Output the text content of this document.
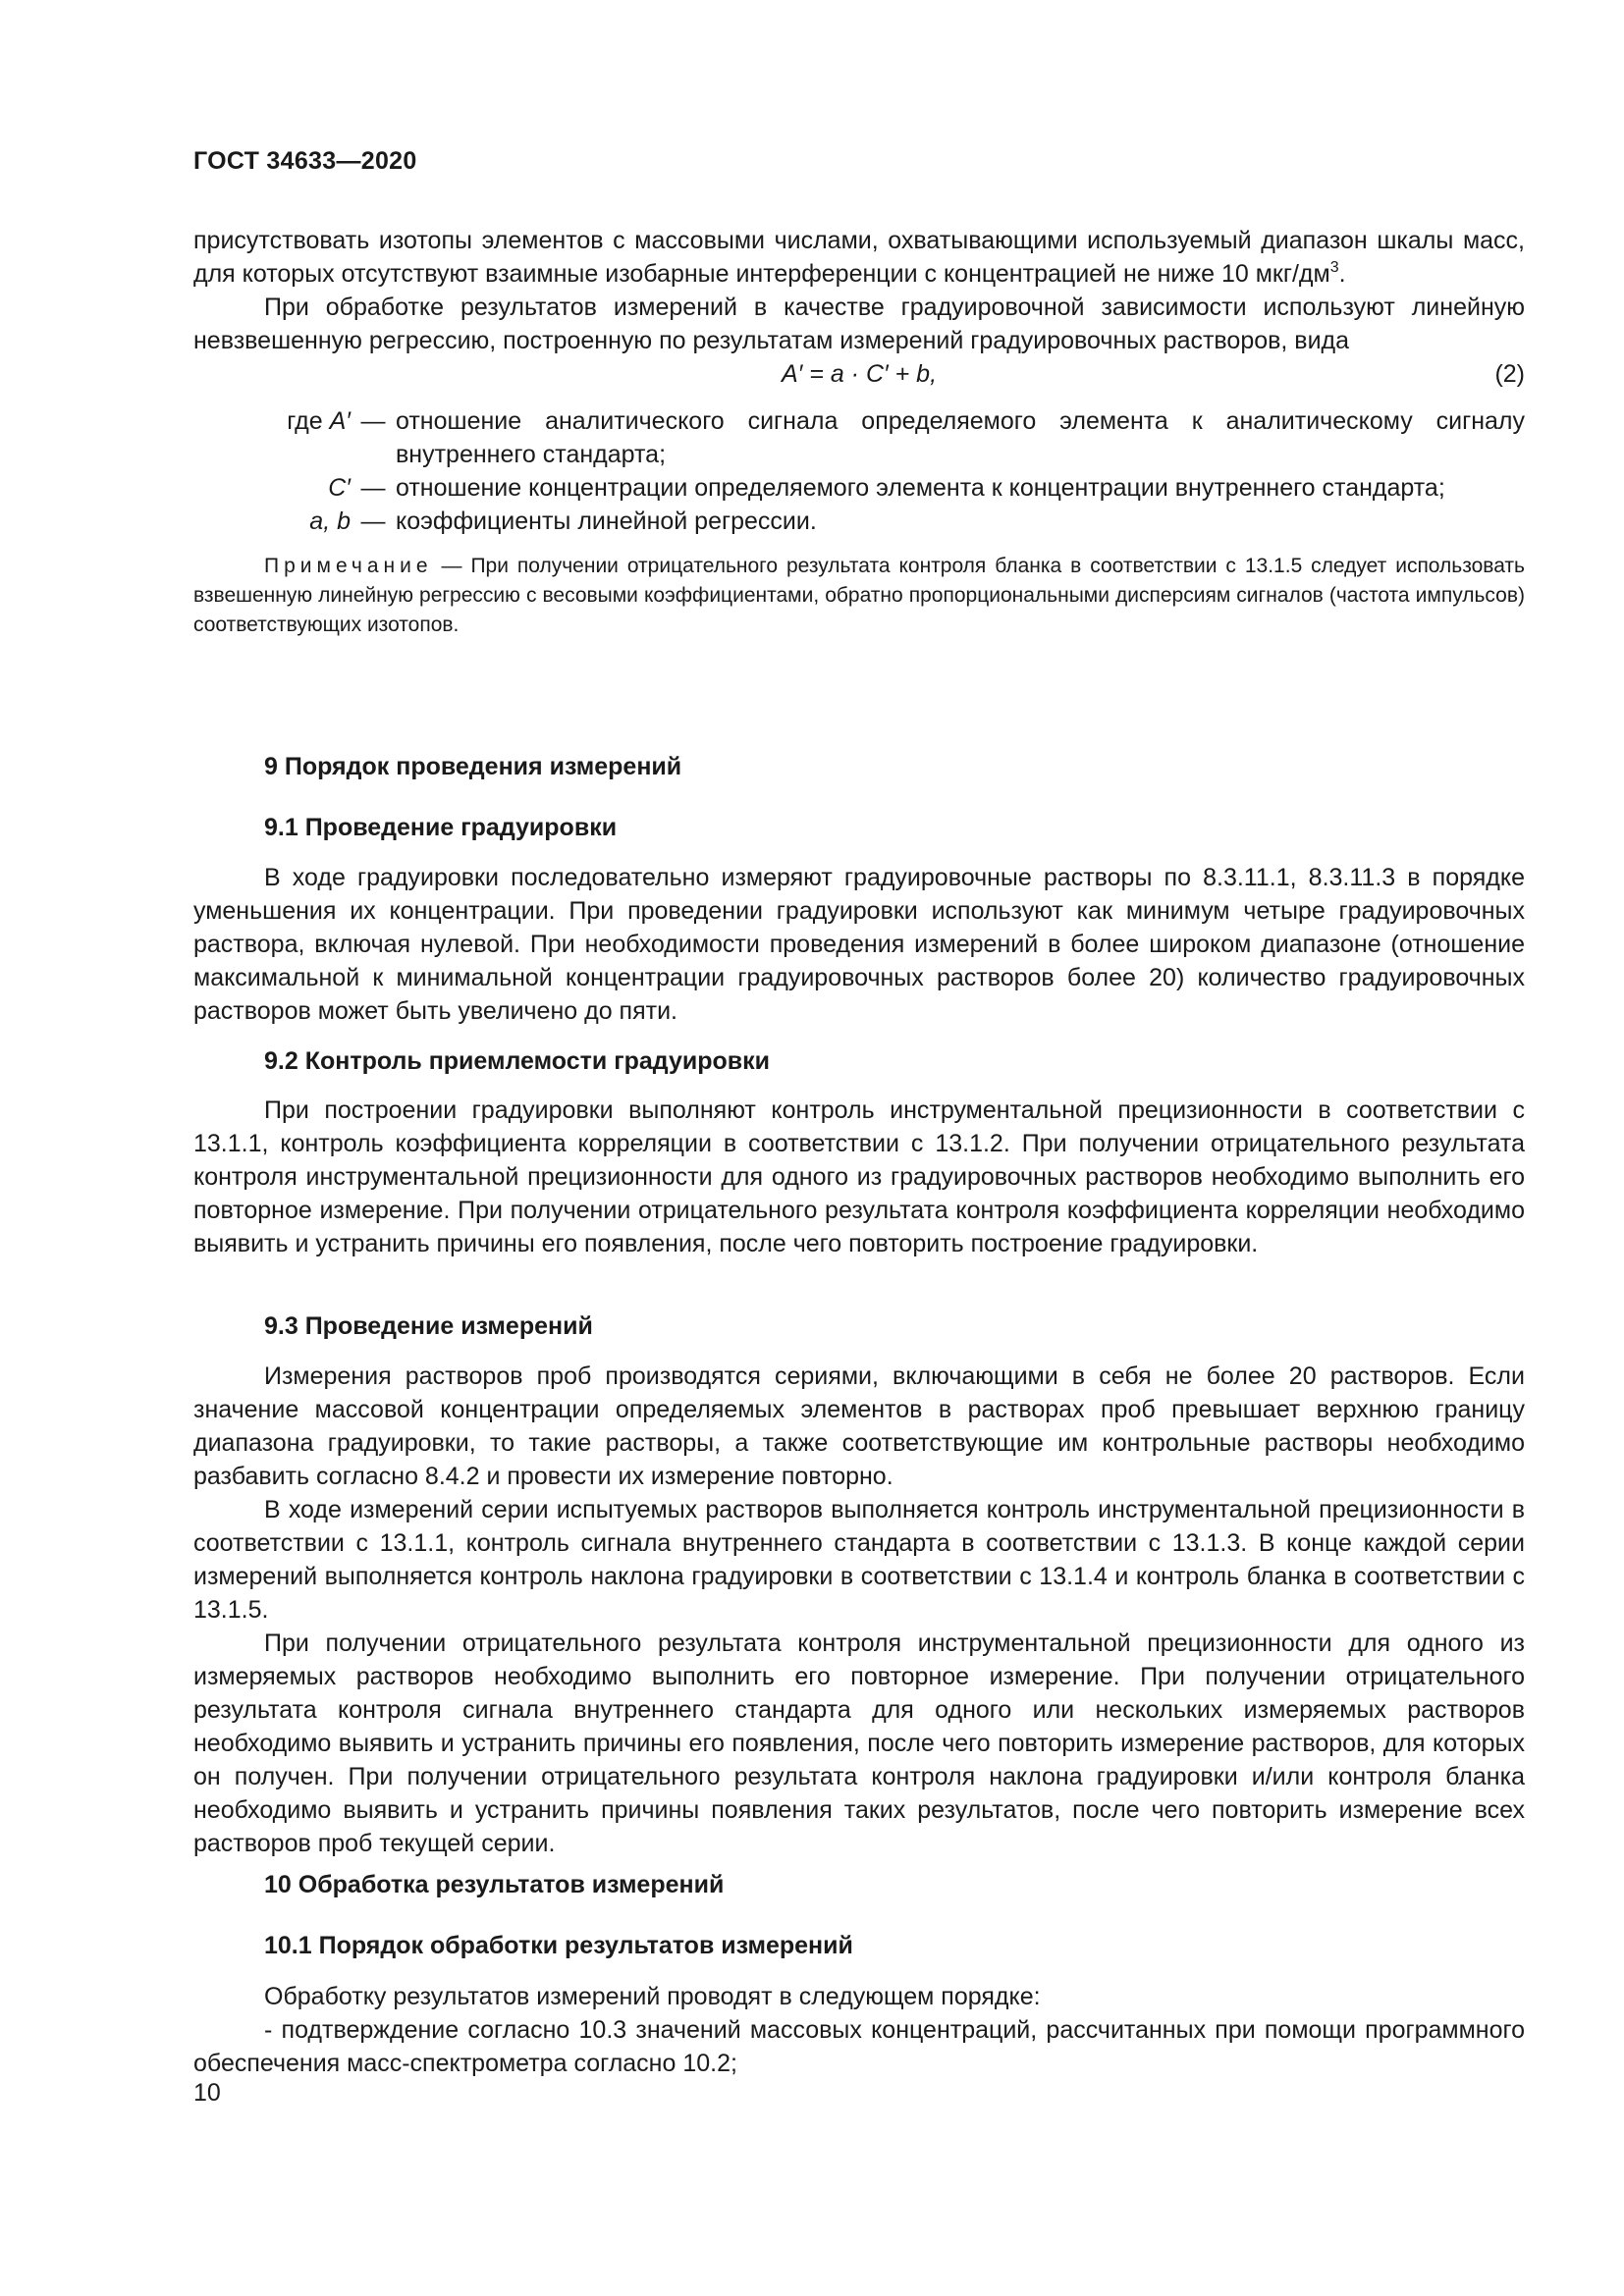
ГОСТ 34633—2020

присутствовать изотопы элементов с массовыми числами, охватывающими используемый диапазон шкалы масс, для которых отсутствуют взаимные изобарные интерференции с концентрацией не ниже 10 мкг/$дм^3$.

При обработке результатов измерений в качестве градуировочной зависимости используют линейную невзвешенную регрессию, построенную по результатам измерений градуировочных растворов, вида

A′ = a · C′ + b,	(2)
где A′ — отношение аналитического сигнала определяемого элемента к аналитическому сигналу внутреннего стандарта;
C′ — отношение концентрации определяемого элемента к концентрации внутреннего стандарта;
a, b — коэффициенты линейной регрессии.

Примечание — При получении отрицательного результата контроля бланка в соответствии с 13.1.5 следует использовать взвешенную линейную регрессию с весовыми коэффициентами, обратно пропорциональными дисперсиям сигналов (частота импульсов) соответствующих изотопов.

9 Порядок проведения измерений
9.1 Проведение градуировки

В ходе градуировки последовательно измеряют градуировочные растворы по 8.3.11.1, 8.3.11.3 в порядке уменьшения их концентрации. При проведении градуировки используют как минимум четыре градуировочных раствора, включая нулевой. При необходимости проведения измерений в более широком диапазоне (отношение максимальной к минимальной концентрации градуировочных растворов более 20) количество градуировочных растворов может быть увеличено до пяти.

9.2 Контроль приемлемости градуировки

При построении градуировки выполняют контроль инструментальной прецизионности в соответствии с 13.1.1, контроль коэффициента корреляции в соответствии с 13.1.2. При получении отрицательного результата контроля инструментальной прецизионности для одного из градуировочных растворов необходимо выполнить его повторное измерение. При получении отрицательного результата контроля коэффициента корреляции необходимо выявить и устранить причины его появления, после чего повторить построение градуировки.

9.3 Проведение измерений

Измерения растворов проб производятся сериями, включающими в себя не более 20 растворов. Если значение массовой концентрации определяемых элементов в растворах проб превышает верхнюю границу диапазона градуировки, то такие растворы, а также соответствующие им контрольные растворы необходимо разбавить согласно 8.4.2 и провести их измерение повторно.

В ходе измерений серии испытуемых растворов выполняется контроль инструментальной прецизионности в соответствии с 13.1.1, контроль сигнала внутреннего стандарта в соответствии с 13.1.3. В конце каждой серии измерений выполняется контроль наклона градуировки в соответствии с 13.1.4 и контроль бланка в соответствии с 13.1.5.

При получении отрицательного результата контроля инструментальной прецизионности для одного из измеряемых растворов необходимо выполнить его повторное измерение. При получении отрицательного результата контроля сигнала внутреннего стандарта для одного или нескольких измеряемых растворов необходимо выявить и устранить причины его появления, после чего повторить измерение растворов, для которых он получен. При получении отрицательного результата контроля наклона градуировки и/или контроля бланка необходимо выявить и устранить причины появления таких результатов, после чего повторить измерение всех растворов проб текущей серии.

10 Обработка результатов измерений
10.1 Порядок обработки результатов измерений

Обработку результатов измерений проводят в следующем порядке:

- подтверждение согласно 10.3 значений массовых концентраций, рассчитанных при помощи программного обеспечения масс-спектрометра согласно 10.2;

10
